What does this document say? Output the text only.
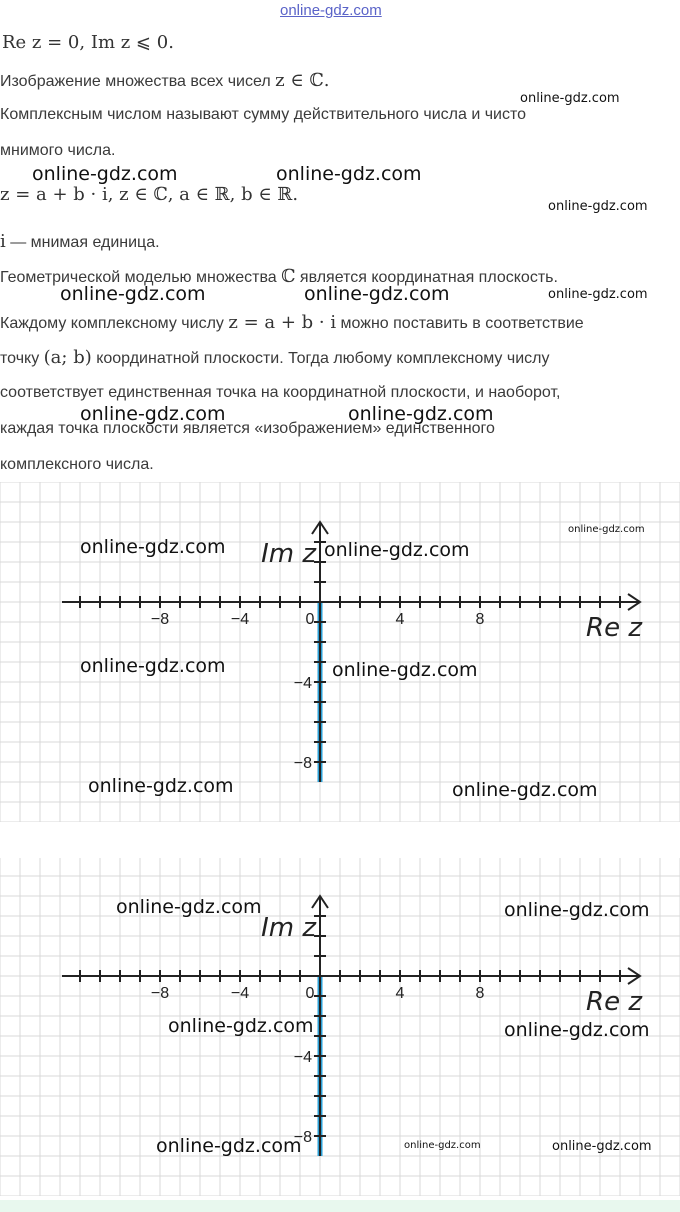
online-gdz.com
Re z = 0, Im z ⩽ 0.
Изображение множества всех чисел z ∈ ℂ.
Комплексным числом называют сумму действительного числа и чисто
мнимого числа.
z = a + b · i, z ∈ ℂ, a ∈ ℝ, b ∈ ℝ.
i — мнимая единица.
Геометрической моделью множества ℂ является координатная плоскость.
Каждому комплексному числу z = a + b · i можно поставить в соответствие
точку (a; b) координатной плоскости. Тогда любому комплексному числу
соответствует единственная точка на координатной плоскости, и наоборот,
каждая точка плоскости является «изображением» единственного
комплексного числа.
online-gdz.com
online-gdz.com	online-gdz.com
online-gdz.com
online-gdz.com	online-gdz.com	online-gdz.com
online-gdz.com	online-gdz.com
−8	−4	0	4	8
−4
−8
Im z
Re z
−8	−4	0	4	8
−4
−8
Im z
Re z
online-gdz.com	online-gdz.com
online-gdz.com
online-gdz.com	online-gdz.com
online-gdz.com	online-gdz.com
online-gdz.com	online-gdz.com
online-gdz.com	online-gdz.com
online-gdz.com	online-gdz.com	online-gdz.com
